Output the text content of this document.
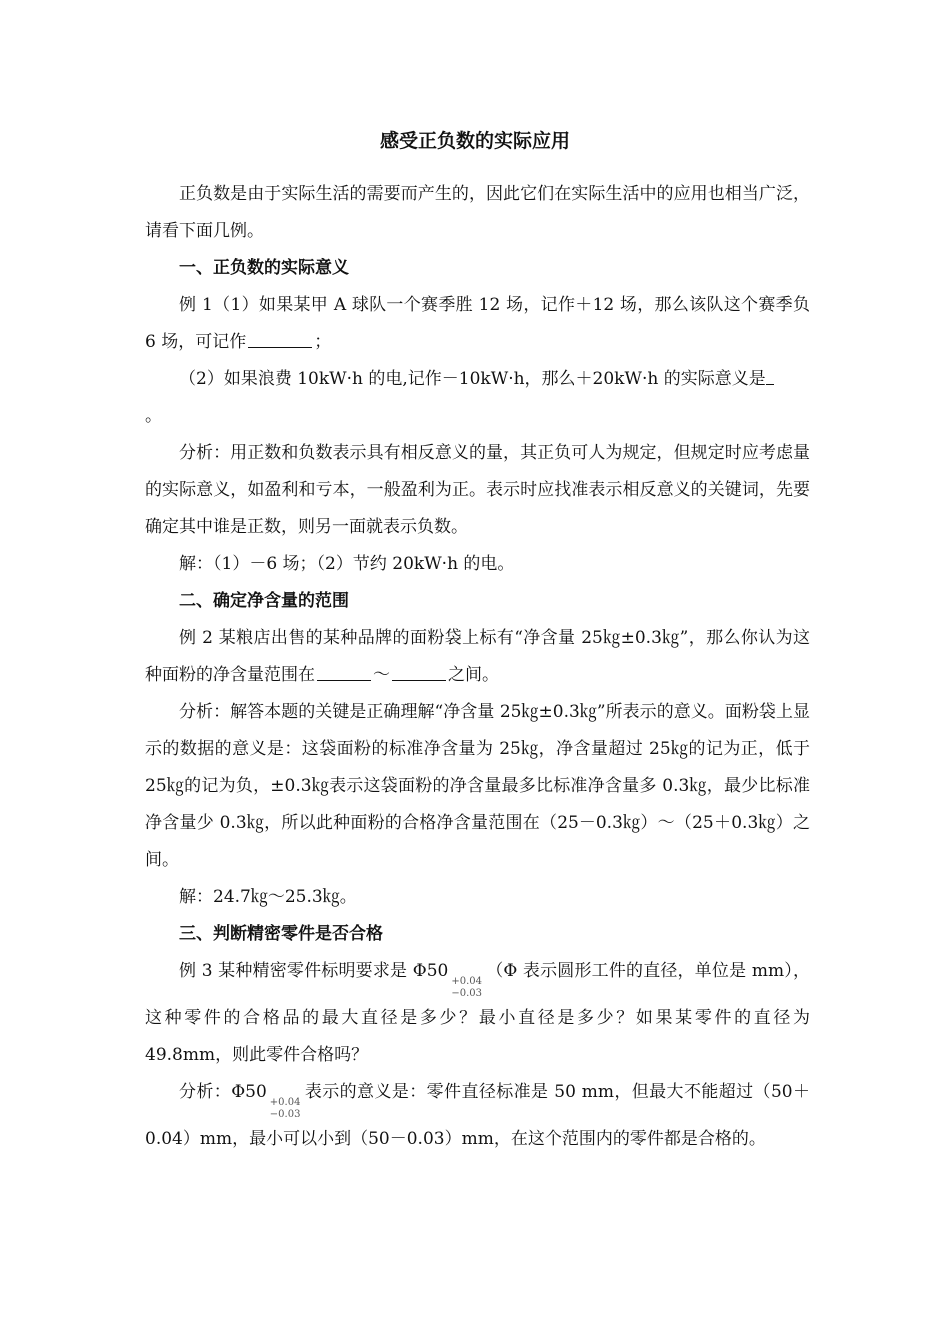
感受正负数的实际应用

正负数是由于实际生活的需要而产生的，因此它们在实际生活中的应用也相当广泛，请看下面几例。

一、正负数的实际意义

例 1（1）如果某甲 A 球队一个赛季胜 12 场，记作＋12 场，那么该队这个赛季负 6 场，可记作	；

（2）如果浪费 10kW·h 的电,记作－10kW·h，那么＋20kW·h 的实际意义是
。

分析：用正数和负数表示具有相反意义的量，其正负可人为规定，但规定时应考虑量的实际意义，如盈利和亏本，一般盈利为正。表示时应找准表示相反意义的关键词，先要确定其中谁是正数，则另一面就表示负数。

解：（1）－6 场；（2）节约 20kW·h 的电。

二、确定净含量的范围

例 2 某粮店出售的某种品牌的面粉袋上标有“净含量 25㎏±0.3㎏”，那么你认为这种面粉的净含量范围在	～	之间。

分析：解答本题的关键是正确理解“净含量 25㎏±0.3㎏”所表示的意义。面粉袋上显示的数据的意义是：这袋面粉的标准净含量为 25㎏，净含量超过 25㎏的记为正，低于 25㎏的记为负，±0.3㎏表示这袋面粉的净含量最多比标准净含量多 0.3㎏，最少比标准净含量少 0.3㎏，所以此种面粉的合格净含量范围在（25－0.3㎏）～（25＋0.3㎏）之间。

解：24.7㎏～25.3㎏。

三、判断精密零件是否合格

例 3 某种精密零件标明要求是 Φ50
+0.04
−0.03
（Φ 表示圆形工件的直径，单位是 mm），这种零件的合格品的最大直径是多少？最小直径是多少？如果某零件的直径为 49.8mm，则此零件合格吗？

分析：Φ50
+0.04
−0.03
表示的意义是：零件直径标准是 50 mm，但最大不能超过（50＋0.04）mm，最小可以小到（50－0.03）mm，在这个范围内的零件都是合格的。
